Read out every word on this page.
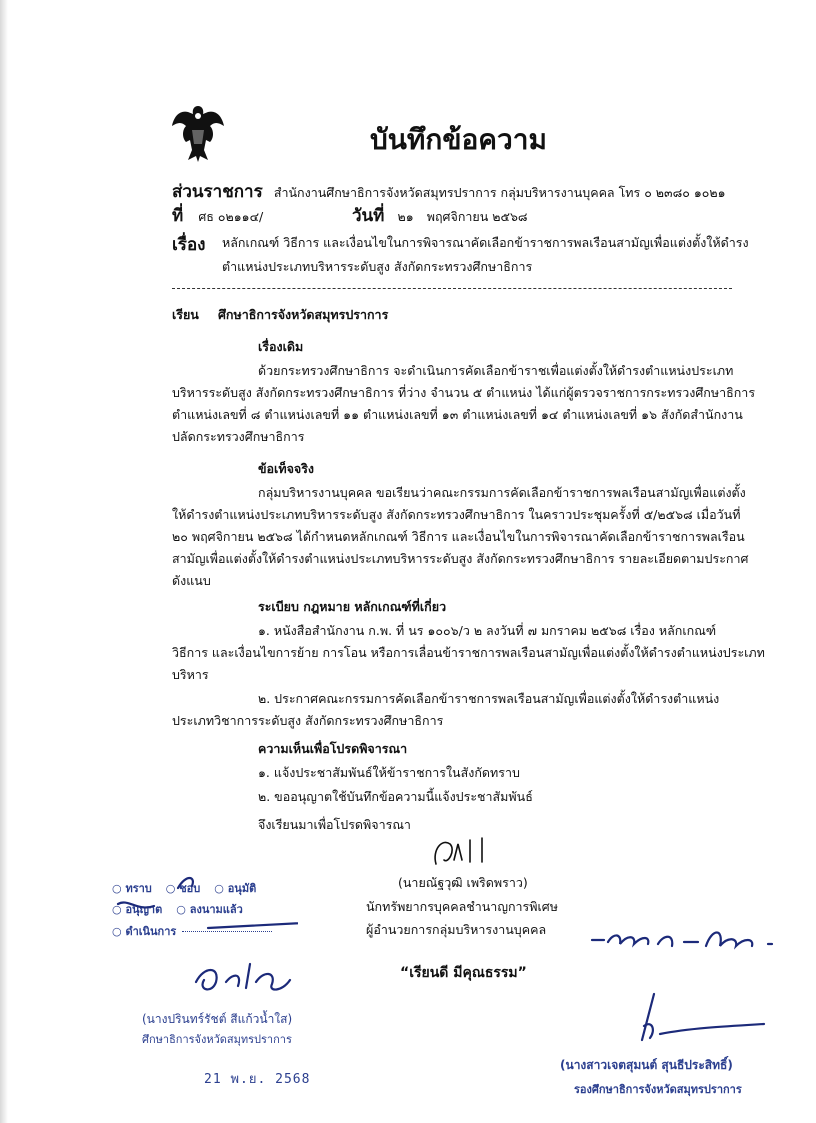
บันทึกข้อความ
ส่วนราชการ สำนักงานศึกษาธิการจังหวัดสมุทรปราการ กลุ่มบริหารงานบุคคล โทร ๐ ๒๓๘๐ ๑๐๒๑
ที่ ศธ ๐๒๑๑๔/	วันที่ ๒๑ พฤศจิกายน ๒๕๖๘
เรื่อง หลักเกณฑ์ วิธีการ และเงื่อนไขในการพิจารณาคัดเลือกข้าราชการพลเรือนสามัญเพื่อแต่งตั้งให้ดำรง
ตำแหน่งประเภทบริหารระดับสูง สังกัดกระทรวงศึกษาธิการ
เรียน ศึกษาธิการจังหวัดสมุทรปราการ
เรื่องเดิม
ด้วยกระทรวงศึกษาธิการ จะดำเนินการคัดเลือกข้าราชเพื่อแต่งตั้งให้ดำรงตำแหน่งประเภท
บริหารระดับสูง สังกัดกระทรวงศึกษาธิการ ที่ว่าง จำนวน ๕ ตำแหน่ง ได้แก่ผู้ตรวจราชการกระทรวงศึกษาธิการ
ตำแหน่งเลขที่ ๘ ตำแหน่งเลขที่ ๑๑ ตำแหน่งเลขที่ ๑๓ ตำแหน่งเลขที่ ๑๔ ตำแหน่งเลขที่ ๑๖ สังกัดสำนักงาน
ปลัดกระทรวงศึกษาธิการ
ข้อเท็จจริง
กลุ่มบริหารงานบุคคล ขอเรียนว่าคณะกรรมการคัดเลือกข้าราชการพลเรือนสามัญเพื่อแต่งตั้ง
ให้ดำรงตำแหน่งประเภทบริหารระดับสูง สังกัดกระทรวงศึกษาธิการ ในคราวประชุมครั้งที่ ๕/๒๕๖๘ เมื่อวันที่
๒๐ พฤศจิกายน ๒๕๖๘ ได้กำหนดหลักเกณฑ์ วิธีการ และเงื่อนไขในการพิจารณาคัดเลือกข้าราชการพลเรือน
สามัญเพื่อแต่งตั้งให้ดำรงตำแหน่งประเภทบริหารระดับสูง สังกัดกระทรวงศึกษาธิการ รายละเอียดตามประกาศ
ดังแนบ
ระเบียบ กฎหมาย หลักเกณฑ์ที่เกี่ยว
๑. หนังสือสำนักงาน ก.พ. ที่ นร ๑๐๐๖/ว ๒ ลงวันที่ ๗ มกราคม ๒๕๖๘ เรื่อง หลักเกณฑ์
วิธีการ และเงื่อนไขการย้าย การโอน หรือการเลื่อนข้าราชการพลเรือนสามัญเพื่อแต่งตั้งให้ดำรงตำแหน่งประเภท
บริหาร
๒. ประกาศคณะกรรมการคัดเลือกข้าราชการพลเรือนสามัญเพื่อแต่งตั้งให้ดำรงตำแหน่ง
ประเภทวิชาการระดับสูง สังกัดกระทรวงศึกษาธิการ
ความเห็นเพื่อโปรดพิจารณา
๑. แจ้งประชาสัมพันธ์ให้ข้าราชการในสังกัดทราบ
๒. ขออนุญาตใช้บันทึกข้อความนี้แจ้งประชาสัมพันธ์
จึงเรียนมาเพื่อโปรดพิจารณา
(นายณัฐวุฒิ เพริดพราว)
นักทรัพยากรบุคคลชำนาญการพิเศษ
ผู้อำนวยการกลุ่มบริหารงานบุคคล
“เรียนดี มีคุณธรรม”
○ ทราบ ○ ชอบ ○ อนุมัติ
○ อนุญาต ○ ลงนามแล้ว
○ ดำเนินการ
(นางปรินทร์รัชต์ สีแก้วน้ำใส)
ศึกษาธิการจังหวัดสมุทรปราการ
21 พ.ย. 2568
(นางสาวเจตสุมนต์ สุนธีประสิทธิ์)
รองศึกษาธิการจังหวัดสมุทรปราการ
